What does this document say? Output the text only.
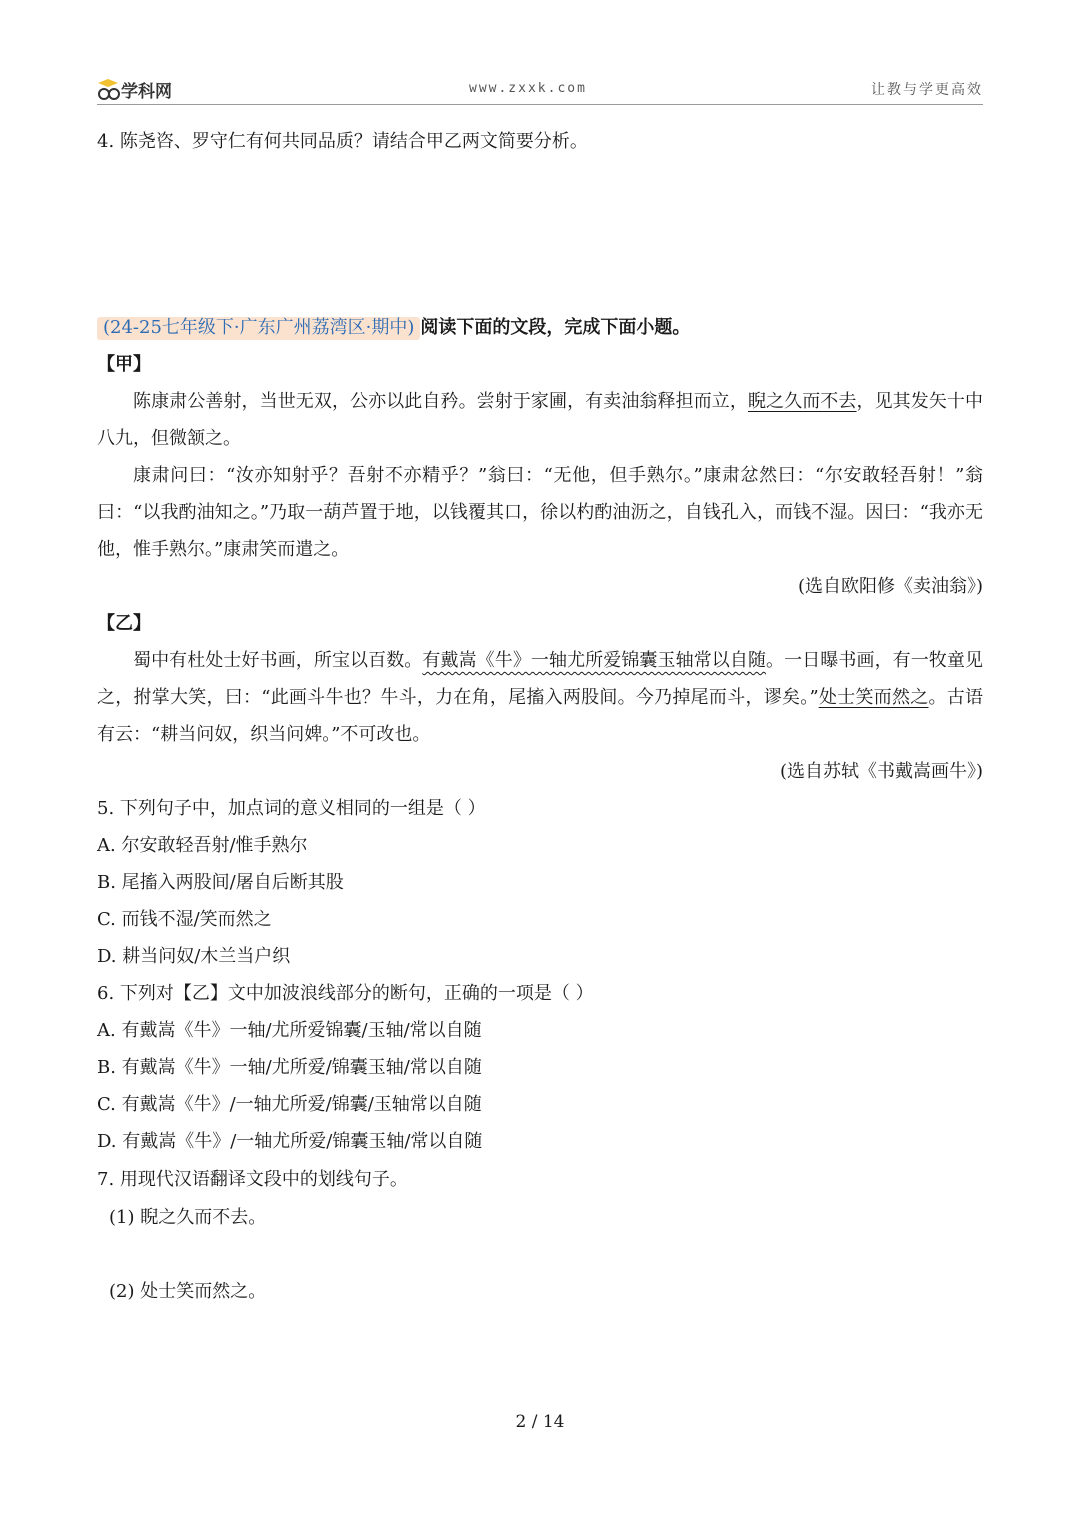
学科网	www.zxxk.com	让教与学更高效
4. 陈尧咨、罗守仁有何共同品质？请结合甲乙两文简要分析。
(24-25七年级下·广东广州荔湾区·期中) 阅读下面的文段，完成下面小题。
【甲】
陈康肃公善射，当世无双，公亦以此自矜。尝射于家圃，有卖油翁释担而立，睨之久而不去，见其发矢十中八九，但微颔之。
康肃问曰：“汝亦知射乎？吾射不亦精乎？”翁曰：“无他，但手熟尔。”康肃忿然曰：“尔安敢轻吾射！”翁曰：“以我酌油知之。”乃取一葫芦置于地，以钱覆其口，徐以杓酌油沥之，自钱孔入，而钱不湿。因曰：“我亦无他，惟手熟尔。”康肃笑而遣之。
(选自欧阳修《卖油翁》)
【乙】
蜀中有杜处士好书画，所宝以百数。有戴嵩《牛》一轴尤所爱锦囊玉轴常以自随。一日曝书画，有一牧童见之，拊掌大笑，曰：“此画斗牛也？牛斗，力在角，尾搐入两股间。今乃掉尾而斗，谬矣。”处士笑而然之。古语有云：“耕当问奴，织当问婢。”不可改也。
(选自苏轼《书戴嵩画牛》)
5. 下列句子中，加点词的意义相同的一组是（ ）
A. 尔安敢轻吾射/惟手熟尔
B. 尾搐入两股间/屠自后断其股
C. 而钱不湿/笑而然之
D. 耕当问奴/木兰当户织
6. 下列对【乙】文中加波浪线部分的断句，正确的一项是（ ）
A. 有戴嵩《牛》一轴/尤所爱锦囊/玉轴/常以自随
B. 有戴嵩《牛》一轴/尤所爱/锦囊玉轴/常以自随
C. 有戴嵩《牛》/一轴尤所爱/锦囊/玉轴常以自随
D. 有戴嵩《牛》/一轴尤所爱/锦囊玉轴/常以自随
7. 用现代汉语翻译文段中的划线句子。
(1) 睨之久而不去。
(2) 处士笑而然之。
2 / 14
